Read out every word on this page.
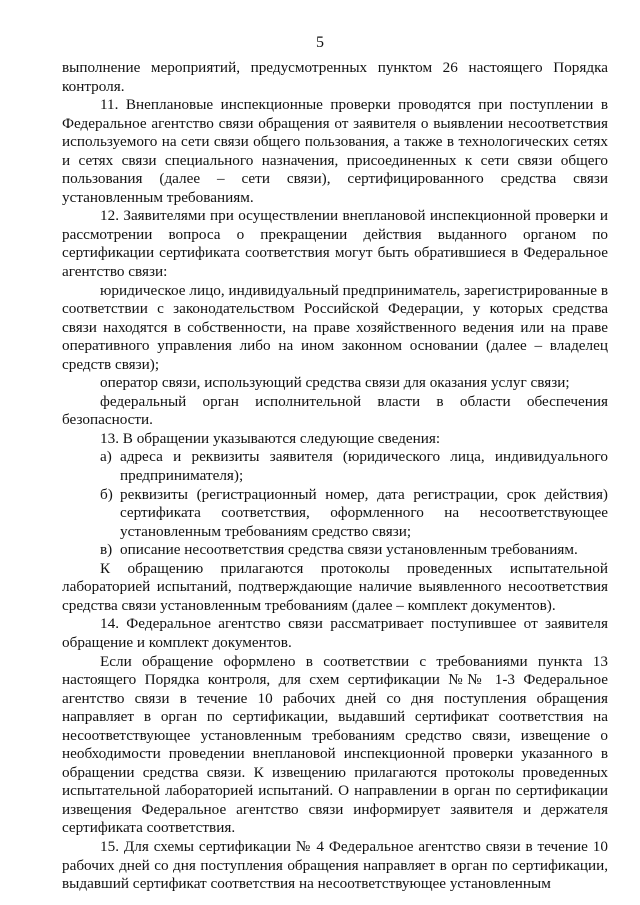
5

выполнение мероприятий, предусмотренных пунктом 26 настоящего Порядка контроля.

11. Внеплановые инспекционные проверки проводятся при поступлении в Федеральное агентство связи обращения от заявителя о выявлении несоответствия используемого на сети связи общего пользования, а также в технологических сетях и сетях связи специального назначения, присоединенных к сети связи общего пользования (далее – сети связи), сертифицированного средства связи установленным требованиям.

12. Заявителями при осуществлении внеплановой инспекционной проверки и рассмотрении вопроса о прекращении действия выданного органом по сертификации сертификата соответствия могут быть обратившиеся в Федеральное агентство связи:

юридическое лицо, индивидуальный предприниматель, зарегистрированные в соответствии с законодательством Российской Федерации, у которых средства связи находятся в собственности, на праве хозяйственного ведения или на праве оперативного управления либо на ином законном основании (далее – владелец средств связи);

оператор связи, использующий средства связи для оказания услуг связи;

федеральный орган исполнительной власти в области обеспечения безопасности.

13. В обращении указываются следующие сведения:

а) адреса и реквизиты заявителя (юридического лица, индивидуального предпринимателя);
б) реквизиты (регистрационный номер, дата регистрации, срок действия) сертификата соответствия, оформленного на несоответствующее установленным требованиям средство связи;
в) описание несоответствия средства связи установленным требованиям.

К обращению прилагаются протоколы проведенных испытательной лабораторией испытаний, подтверждающие наличие выявленного несоответствия средства связи установленным требованиям (далее – комплект документов).

14. Федеральное агентство связи рассматривает поступившее от заявителя обращение и комплект документов.

Если обращение оформлено в соответствии с требованиями пункта 13 настоящего Порядка контроля, для схем сертификации №№ 1-3 Федеральное агентство связи в течение 10 рабочих дней со дня поступления обращения направляет в орган по сертификации, выдавший сертификат соответствия на несоответствующее установленным требованиям средство связи, извещение о необходимости проведении внеплановой инспекционной проверки указанного в обращении средства связи. К извещению прилагаются протоколы проведенных испытательной лабораторией испытаний. О направлении в орган по сертификации извещения Федеральное агентство связи информирует заявителя и держателя сертификата соответствия.

15. Для схемы сертификации № 4 Федеральное агентство связи в течение 10 рабочих дней со дня поступления обращения направляет в орган по сертификации, выдавший сертификат соответствия на несоответствующее установленным
